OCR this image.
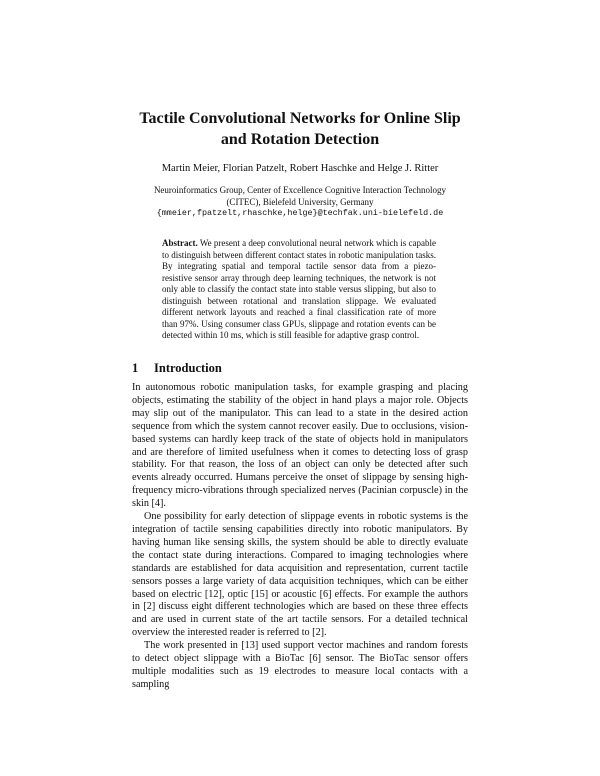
Tactile Convolutional Networks for Online Slip
and Rotation Detection
Martin Meier, Florian Patzelt, Robert Haschke and Helge J. Ritter
Neuroinformatics Group, Center of Excellence Cognitive Interaction Technology
(CITEC), Bielefeld University, Germany
{mmeier,fpatzelt,rhaschke,helge}@techfak.uni-bielefeld.de
Abstract. We present a deep convolutional neural network which is capable to distinguish between different contact states in robotic manipulation tasks. By integrating spatial and temporal tactile sensor data from a piezo-resistive sensor array through deep learning techniques, the network is not only able to classify the contact state into stable versus slipping, but also to distinguish between rotational and translation slippage. We evaluated different network layouts and reached a final classification rate of more than 97%. Using consumer class GPUs, slippage and rotation events can be detected within 10 ms, which is still feasible for adaptive grasp control.
1 Introduction

In autonomous robotic manipulation tasks, for example grasping and placing objects, estimating the stability of the object in hand plays a major role. Objects may slip out of the manipulator. This can lead to a state in the desired action sequence from which the system cannot recover easily. Due to occlusions, vision-based systems can hardly keep track of the state of objects hold in manipulators and are therefore of limited usefulness when it comes to detecting loss of grasp stability. For that reason, the loss of an object can only be detected after such events already occurred. Humans perceive the onset of slippage by sensing high-frequency micro-vibrations through specialized nerves (Pacinian corpuscle) in the skin [4].

One possibility for early detection of slippage events in robotic systems is the integration of tactile sensing capabilities directly into robotic manipulators. By having human like sensing skills, the system should be able to directly evaluate the contact state during interactions. Compared to imaging technologies where standards are established for data acquisition and representation, current tactile sensors posses a large variety of data acquisition techniques, which can be either based on electric [12], optic [15] or acoustic [6] effects. For example the authors in [2] discuss eight different technologies which are based on these three effects and are used in current state of the art tactile sensors. For a detailed technical overview the interested reader is referred to [2].

The work presented in [13] used support vector machines and random forests to detect object slippage with a BioTac [6] sensor. The BioTac sensor offers multiple modalities such as 19 electrodes to measure local contacts with a sampling
